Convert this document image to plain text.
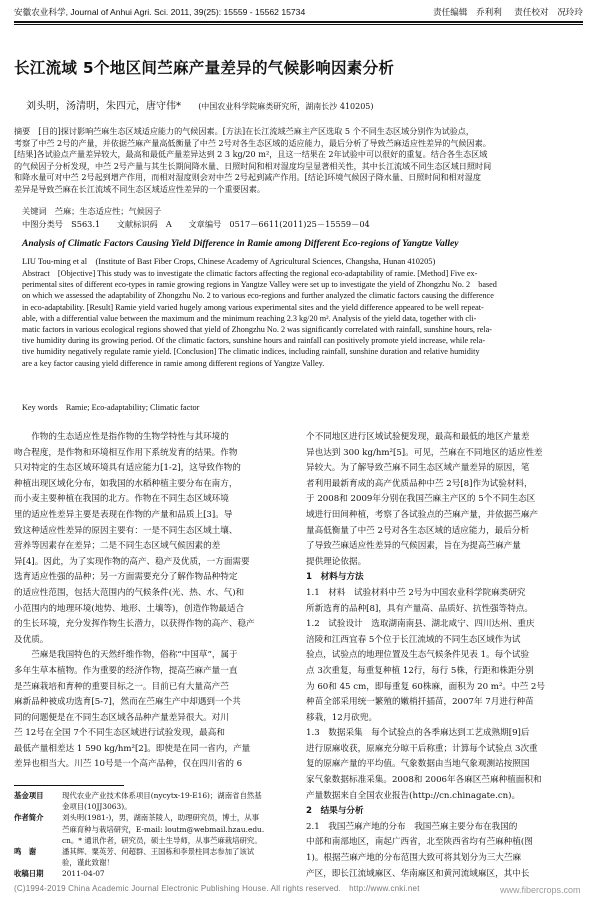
安徽农业科学, Journal of Anhui Agri. Sci. 2011, 39(25): 15559 - 15562 15734	责任编辑　乔利利 责任校对　况玲玲
长江流域 5个地区间苎麻产量差异的气候影响因素分析
刘头明，汤清明，朱四元，唐守伟* (中国农业科学院麻类研究所，湖南长沙 410205)
摘要　[目的]探讨影响苎麻生态区域适应能力的气候因素。[方法]在长江流域苎麻主产区选取 5 个不同生态区域分别作为试验点，
考察了中苎 2号的产量，并依据苎麻产量高低衡量了中苎 2号对各生态区域的适应能力，最后分析了导致苎麻适应性差异的气候因素。
[结果]各试验点产量差异较大，最高和最低产量差异达到 2 3 kg/20 m²，且这一结果在 2年试验中可以很好的重复。结合各生态区域
的气候因子分析发现，中苎 2号产量与其生长期间降水量、日照时间和相对湿度均呈显著相关性，其中长江流域不同生态区域日照时间
和降水量可对中苎 2号起到增产作用，而相对湿度则会对中苎 2号起到减产作用。[结论]环境气候因子降水量、日照时间和相对湿度
差异是导致苎麻在长江流域不同生态区域适应性差异的一个重要因素。
关键词　苎麻；生态适应性；气候因子
中图分类号　S563.1 文献标识码　A 文章编号　0517－6611(2011)25－15559－04
Analysis of Climatic Factors Causing Yield Difference in Ramie among Different Eco-regions of Yangtze Valley
LIU Tou-ming et al　(Institute of Bast Fiber Crops, Chinese Academy of Agricultural Sciences, Changsha, Hunan 410205)
Abstract　[Objective] This study was to investigate the climatic factors affecting the regional eco-adaptability of ramie. [Method] Five ex-
perimental sites of different eco-types in ramie growing regions in Yangtze Valley were set up to investigate the yield of Zhongzhu No. 2　based
on which we assessed the adaptability of Zhongzhu No. 2 to various eco-regions and further analyzed the climatic factors causing the difference
in eco-adaptability. [Result] Ramie yield varied hugely among various experimental sites and the yield difference appeared to be well repeat-
able, with a differential value between the maximum and the minimum reaching 2.3 kg/20 m². Analysis of the yield data, together with cli-
matic factors in various ecological regions showed that yield of Zhongzhu No. 2 was significantly correlated with rainfall, sunshine hours, rela-
tive humidity during its growing period. Of the climatic factors, sunshine hours and rainfall can positively promote yield increase, while rela-
tive humidity negatively regulate ramie yield. [Conclusion] The climatic indices, including rainfall, sunshine duration and relative humidity
are a key factor causing yield difference in ramie among different regions of Yangtze Valley.
Key words　Ramie; Eco-adaptability; Climatic factor
　　作物的生态适应性是指作物的生物学特性与其环境的
吻合程度，是作物和环境相互作用下系统发育的结果。作物
只对特定的生态区域环境具有适应能力[1-2]，这导致作物的
种植出现区域化分布，如我国的水稻种植主要分布在南方，
而小麦主要种植在我国的北方。作物在不同生态区域环境
里的适应性差异主要是表现在作物的产量和品质上[3]。导
致这种适应性差异的原因主要有：一是不同生态区域土壤、
营养等因素存在差异；二是不同生态区域气候因素的差
异[4]。因此，为了实现作物的高产、稳产及优质，一方面需要
选育适应性强的品种；另一方面需要充分了解作物品种特定
的适应性范围，包括大范围内的气候条件(光、热、水、气)和
小范围内的地理环境(地势、地形、土壤等)，创造作物最适合
的生长环境，充分发挥作物生长潜力，以获得作物的高产、稳产
及优质。
　　苎麻是我国特色的天然纤维作物，俗称“中国草”，属于
多年生草本植物。作为重要的经济作物，提高苎麻产量一直
是苎麻栽培和育种的重要目标之一。目前已有大量高产苎
麻新品种被成功选育[5-7]，然而在苎麻生产中却遇到一个共
同的问题便是在不同生态区域各品种产量差异很大。对川
苎 12号在全国 7个不同生态区域进行试验发现，最高和
最低产量相差达 1 590 kg/hm²[2]。即使是在同一省内，产量
差异也相当大。川苎 10号是一个高产品种，仅在四川省的 6
个不同地区进行区域试验便发现，最高和最低的地区产量差
异也达到 300 kg/hm²[5]。可见，苎麻在不同地区的适应性差
异较大。为了解导致苎麻不同生态区域产量差异的原因，笔
者利用最新育成的高产优质品种中苎 2号[8]作为试验材料，
于 2008和 2009年分别在我国苎麻主产区的 5个不同生态区
域进行田间种植，考察了各试验点的苎麻产量，并依据苎麻产
量高低衡量了中苎 2号对各生态区域的适应能力，最后分析
了导致苎麻适应性差异的气候因素，旨在为提高苎麻产量
提供理论依据。
1　材料与方法
1.1　材料　试验材料中苎 2号为中国农业科学院麻类研究
所新选育的品种[8]，具有产量高、品质好、抗性强等特点。
1.2　试验设计　选取湖南南县、湖北咸宁、四川达州、重庆
涪陵和江西宜春 5个位于长江流域的不同生态区域作为试
验点，试验点的地理位置及生态气候条件见表 1。每个试验
点 3次重复，每重复种植 12行，每行 5株，行距和株距分别
为 60和 45 cm，即每重复 60株麻，面积为 20 m²。中苎 2号
种苗全部采用统一繁殖的嫩梢扦插苗，2007年 7月进行种苗
移栽，12月砍兜。
1.3　数据采集　每个试验点的各季麻达到工艺成熟期[9]后
进行原麻收获，原麻充分晾干后称重；计算每个试验点 3次重
复的原麻产量的平均值。气象数据由当地气象观测站按照国
家气象数据标准采集。2008和 2006年各麻区苎麻种植面积和
产量数据来自全国农业报告(http://cn.chinagate.cn)。
2　结果与分析
2.1　我国苎麻产地的分布　我国苎麻主要分布在我国的
中部和南部地区，南起广西省，北至陕西省均有苎麻种植(图
1)。根据苎麻产地的分布范围大致可将其划分为三大苎麻
产区，即长江流域麻区、华南麻区和黄河流域麻区，其中长
基金项目	现代农业产业技术体系项目(nycytx-19-E16)；湖南省自然基
金项目(10JJ3063)。
作者简介	刘头明(1981-)，男，湖南茶陵人，助理研究员，博士，从事
苎麻育种与栽培研究，E-mail: loutm@webmail.hzau.edu.
cn。* 通讯作者，研究员，硕士生导师，从事苎麻栽培研究。
鸣　谢	潘其辉、粟英芳、何超群、王国栋和李景柱同志参加了该试
验，谨此致谢！
收稿日期	2011-04-07
(C)1994-2019 China Academic Journal Electronic Publishing House. All rights reserved.　http://www.cnki.net	www.fibercrops.com
